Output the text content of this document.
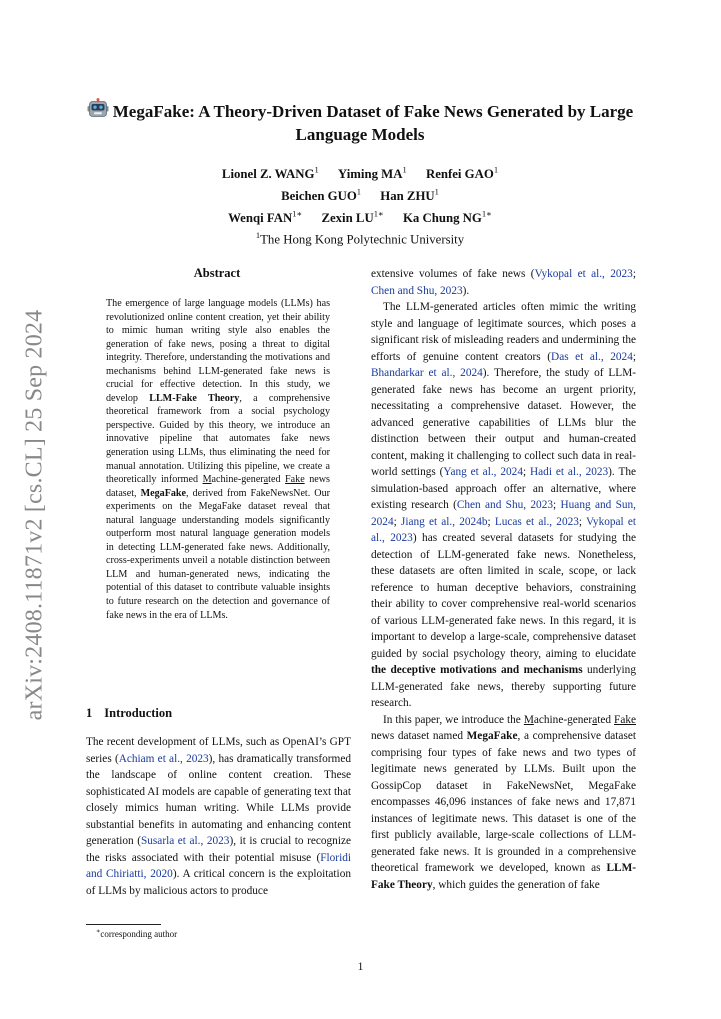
arXiv:2408.11871v2 [cs.CL] 25 Sep 2024
MegaFake: A Theory-Driven Dataset of Fake News Generated by Large
Language Models
Lionel Z. WANG$^1$ Yiming $MA^1$ Renfei GAO$^1$
Beichen GUO$^1$ Han ZHU$^1$
Wenqi $FAN^{1∗}$ Zexin $LU^{1∗}$ Ka Chung $NG^{1∗}$
$^1$The Hong Kong Polytechnic University
Abstract
The emergence of large language models (LLMs) has revolutionized online content creation, yet their ability to mimic human writing style also enables the generation of fake news, posing a threat to digital integrity. Therefore, understanding the motivations and mechanisms behind LLM-generated fake news is crucial for effective detection. In this study, we develop LLM-Fake Theory, a comprehensive theoretical framework from a social psychology perspective. Guided by this theory, we introduce an innovative pipeline that automates fake news generation using LLMs, thus eliminating the need for manual annotation. Utilizing this pipeline, we create a theoretically informed Machine-generated Fake news dataset, MegaFake, derived from FakeNewsNet. Our experiments on the MegaFake dataset reveal that natural language understanding models significantly outperform most natural language generation models in detecting LLM-generated fake news. Additionally, cross-experiments unveil a notable distinction between LLM and human-generated news, indicating the potential of this dataset to contribute valuable insights to future research on the detection and governance of fake news in the era of LLMs.
1 Introduction

The recent development of LLMs, such as OpenAI’s GPT series (Achiam et al., 2023), has dramatically transformed the landscape of online content creation. These sophisticated AI models are capable of generating text that closely mimics human writing. While LLMs provide substantial benefits in automating and enhancing content generation (Susarla et al., 2023), it is crucial to recognize the risks associated with their potential misuse (Floridi and Chiriatti, 2020). A critical concern is the exploitation of LLMs by malicious actors to produce

extensive volumes of fake news (Vykopal et al., 2023; Chen and Shu, 2023).

The LLM-generated articles often mimic the writing style and language of legitimate sources, which poses a significant risk of misleading readers and undermining the efforts of genuine content creators (Das et al., 2024; Bhandarkar et al., 2024). Therefore, the study of LLM-generated fake news has become an urgent priority, necessitating a comprehensive dataset. However, the advanced generative capabilities of LLMs blur the distinction between their output and human-created content, making it challenging to collect such data in real-world settings (Yang et al., 2024; Hadi et al., 2023). The simulation-based approach offer an alternative, where existing research (Chen and Shu, 2023; Huang and Sun, 2024; Jiang et al., 2024b; Lucas et al., 2023; Vykopal et al., 2023) has created several datasets for studying the detection of LLM-generated fake news. Nonetheless, these datasets are often limited in scale, scope, or lack reference to human deceptive behaviors, constraining their ability to cover comprehensive real-world scenarios of various LLM-generated fake news. In this regard, it is important to develop a large-scale, comprehensive dataset guided by social psychology theory, aiming to elucidate the deceptive motivations and mechanisms underlying LLM-generated fake news, thereby supporting future research.

In this paper, we introduce the Machine-generated Fake news dataset named MegaFake, a comprehensive dataset comprising four types of fake news and two types of legitimate news generated by LLMs. Built upon the GossipCop dataset in FakeNewsNet, MegaFake encompasses 46,096 instances of fake news and 17,871 instances of legitimate news. This dataset is one of the first publicly available, large-scale collections of LLM-generated fake news. It is grounded in a comprehensive theoretical framework we developed, known as LLM-Fake Theory, which guides the generation of fake

∗corresponding author
1
